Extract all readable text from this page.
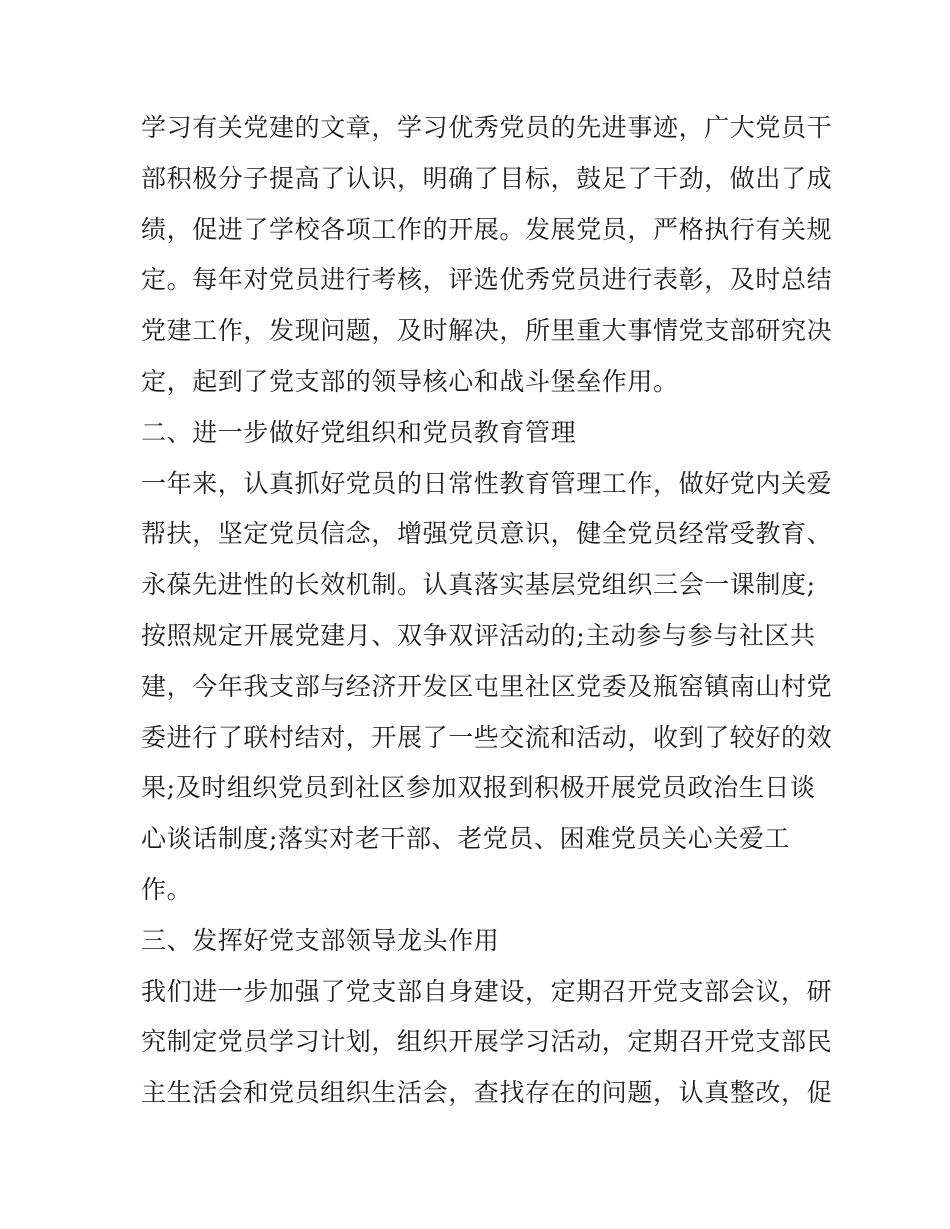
学习有关党建的文章，学习优秀党员的先进事迹，广大党员干
部积极分子提高了认识，明确了目标，鼓足了干劲，做出了成
绩，促进了学校各项工作的开展。发展党员，严格执行有关规
定。每年对党员进行考核，评选优秀党员进行表彰，及时总结
党建工作，发现问题，及时解决，所里重大事情党支部研究决
定，起到了党支部的领导核心和战斗堡垒作用。
二、进一步做好党组织和党员教育管理
一年来，认真抓好党员的日常性教育管理工作，做好党内关爱
帮扶，坚定党员信念，增强党员意识，健全党员经常受教育、
永葆先进性的长效机制。认真落实基层党组织三会一课制度;
按照规定开展党建月、双争双评活动的;主动参与参与社区共
建，今年我支部与经济开发区屯里社区党委及瓶窑镇南山村党
委进行了联村结对，开展了一些交流和活动，收到了较好的效
果;及时组织党员到社区参加双报到积极开展党员政治生日谈
心谈话制度;落实对老干部、老党员、困难党员关心关爱工
作。
三、发挥好党支部领导龙头作用
我们进一步加强了党支部自身建设，定期召开党支部会议，研
究制定党员学习计划，组织开展学习活动，定期召开党支部民
主生活会和党员组织生活会，查找存在的问题，认真整改，促
